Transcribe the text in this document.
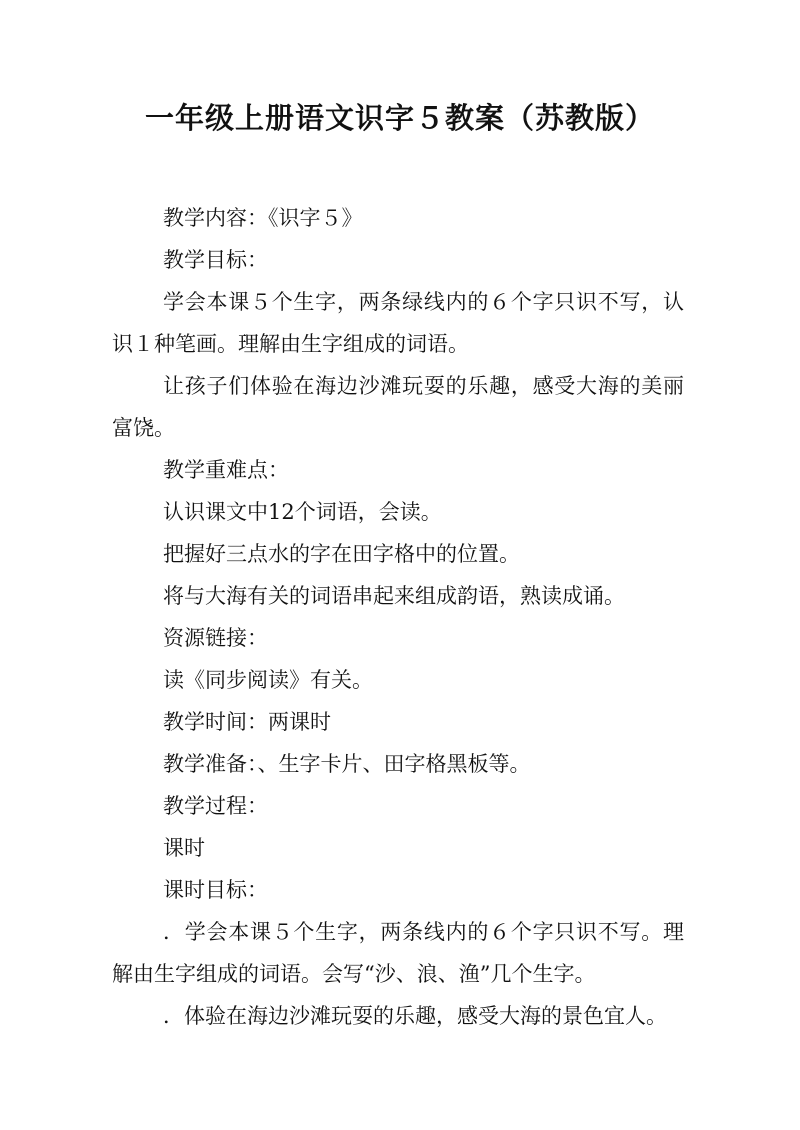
一年级上册语文识字５教案（苏教版）

教学内容：《识字５》

教学目标：

学会本课５个生字，两条绿线内的６个字只识不写，认识１种笔画。理解由生字组成的词语。

让孩子们体验在海边沙滩玩耍的乐趣，感受大海的美丽富饶。

教学重难点：

认识课文中12个词语，会读。

把握好三点水的字在田字格中的位置。

将与大海有关的词语串起来组成韵语，熟读成诵。

资源链接：

读《同步阅读》有关。

教学时间：两课时

教学准备：、生字卡片、田字格黑板等。

教学过程：

课时

课时目标：

．学会本课５个生字，两条线内的６个字只识不写。理解由生字组成的词语。会写“沙、浪、渔”几个生字。

．体验在海边沙滩玩耍的乐趣，感受大海的景色宜人。
